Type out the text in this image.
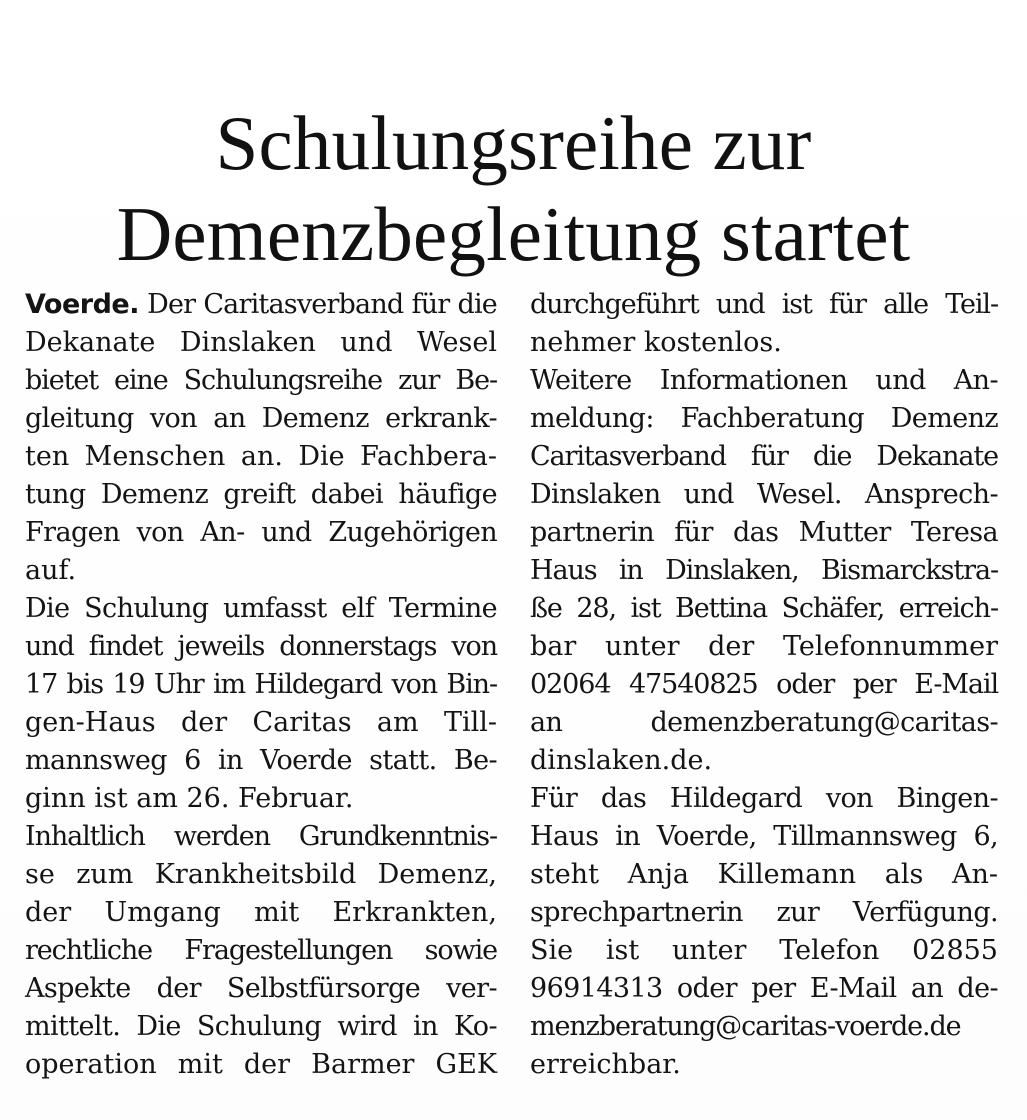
Schulungsreihe zur
Demenzbegleitung startet
Voerde. Der Caritasverband für die
Dekanate Dinslaken und Wesel
bietet eine Schulungsreihe zur Be-
gleitung von an Demenz erkrank-
ten Menschen an. Die Fachbera-
tung Demenz greift dabei häufige
Fragen von An- und Zugehörigen
auf.
Die Schulung umfasst elf Termine
und findet jeweils donnerstags von
17 bis 19 Uhr im Hildegard von Bin-
gen-Haus der Caritas am Till-
mannsweg 6 in Voerde statt. Be-
ginn ist am 26. Februar.
Inhaltlich werden Grundkenntnis-
se zum Krankheitsbild Demenz,
der Umgang mit Erkrankten,
rechtliche Fragestellungen sowie
Aspekte der Selbstfürsorge ver-
mittelt. Die Schulung wird in Ko-
operation mit der Barmer GEK
durchgeführt und ist für alle Teil-
nehmer kostenlos.
Weitere Informationen und An-
meldung: Fachberatung Demenz
Caritasverband für die Dekanate
Dinslaken und Wesel. Ansprech-
partnerin für das Mutter Teresa
Haus in Dinslaken, Bismarckstra-
ße 28, ist Bettina Schäfer, erreich-
bar unter der Telefonnummer
02064 47540825 oder per E-Mail
an demenzberatung@caritas-
dinslaken.de.
Für das Hildegard von Bingen-
Haus in Voerde, Tillmannsweg 6,
steht Anja Killemann als An-
sprechpartnerin zur Verfügung.
Sie ist unter Telefon 02855
96914313 oder per E-Mail an de-
menzberatung@caritas-voerde.de
erreichbar.
